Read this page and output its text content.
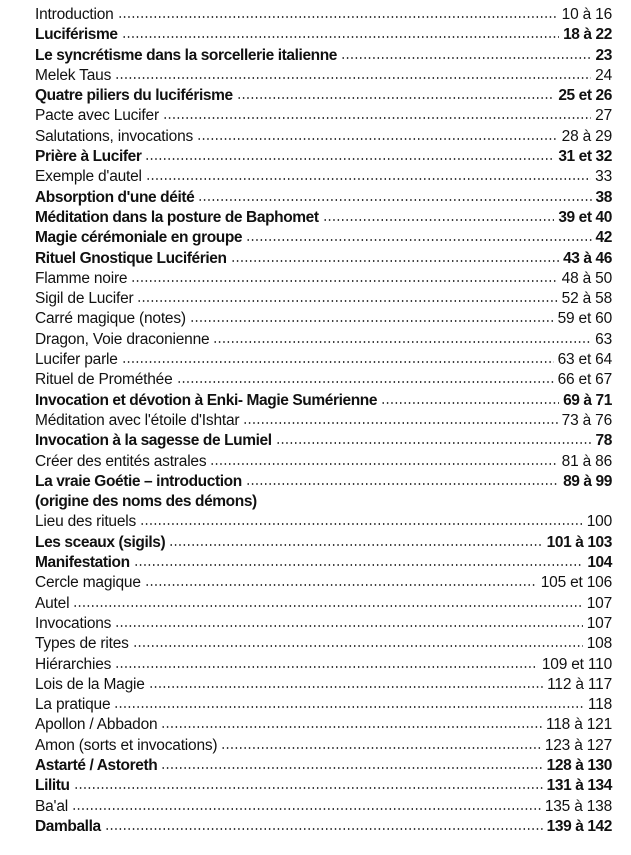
Introduction	10 à 16
Luciférisme	18 à 22
Le syncrétisme dans la sorcellerie italienne	23
Melek Taus	24
Quatre piliers du luciférisme	25 et 26
Pacte avec Lucifer	27
Salutations, invocations	28 à 29
Prière à Lucifer	31 et 32
Exemple d'autel	33
Absorption d'une déité	38
Méditation dans la posture de Baphomet	39 et 40
Magie cérémoniale en groupe	42
Rituel Gnostique Luciférien	43 à 46
Flamme noire	48 à 50
Sigil de Lucifer	52 à 58
Carré magique (notes)	59 et 60
Dragon, Voie draconienne	63
Lucifer parle	63 et 64
Rituel de Prométhée	66 et 67
Invocation et dévotion à Enki- Magie Sumérienne	69 à 71
Méditation avec l'étoile d'Ishtar	73 à 76
Invocation à la sagesse de Lumiel	78
Créer des entités astrales	81 à 86
La vraie Goétie – introduction	89 à 99
(origine des noms des démons)
Lieu des rituels	100
Les sceaux (sigils)	101 à 103
Manifestation	104
Cercle magique	105 et 106
Autel	107
Invocations	107
Types de rites	108
Hiérarchies	109 et 110
Lois de la Magie	112 à 117
La pratique	118
Apollon / Abbadon	118 à 121
Amon (sorts et invocations)	123 à 127
Astarté / Astoreth	128 à 130
Lilitu	131 à 134
Ba'al	135 à 138
Damballa	139 à 142
